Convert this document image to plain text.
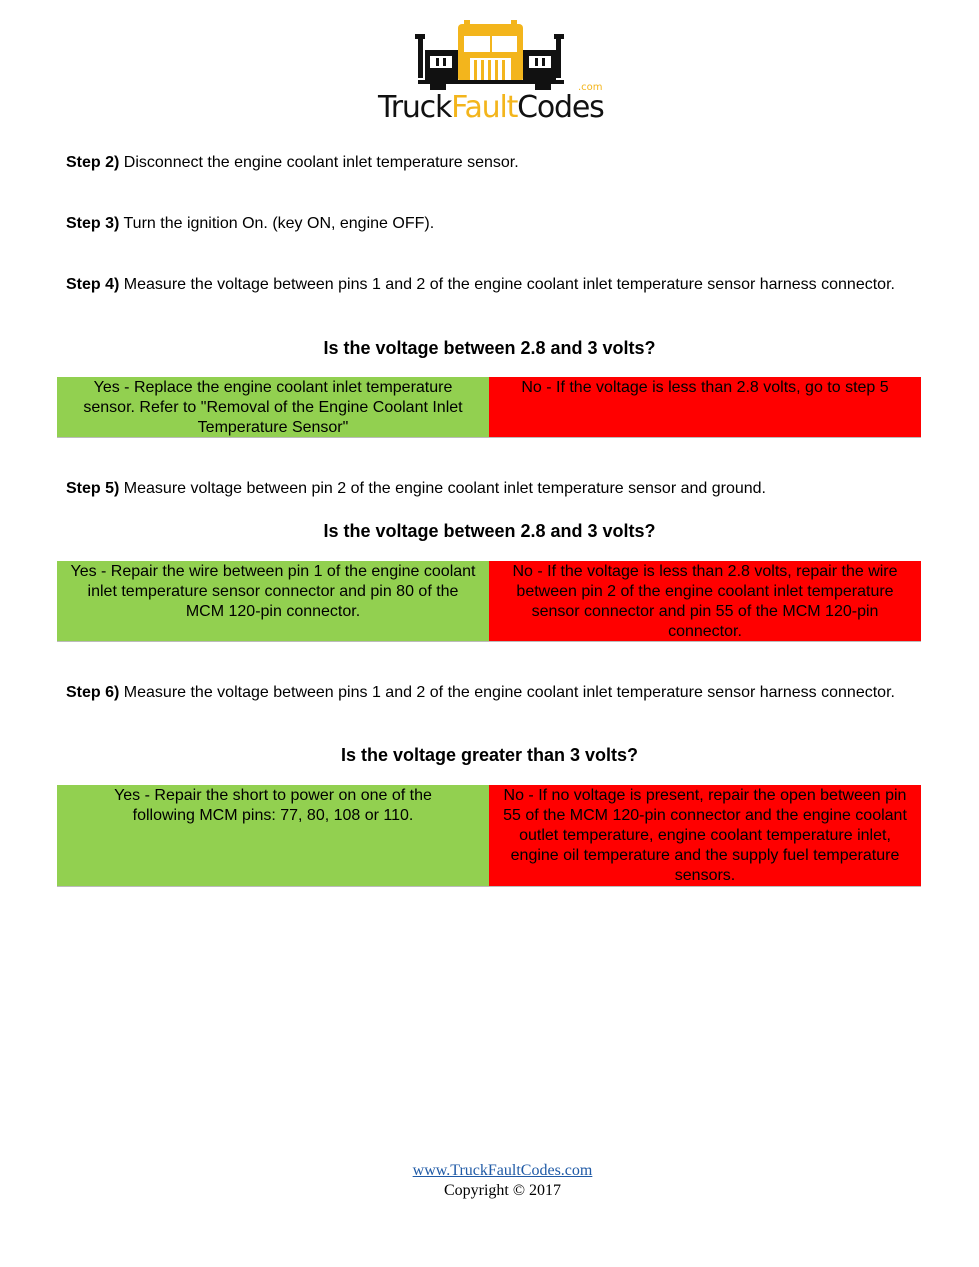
TruckFaultCodes
.com
Step 2) Disconnect the engine coolant inlet temperature sensor.
Step 3) Turn the ignition On. (key ON, engine OFF).
Step 4) Measure the voltage between pins 1 and 2 of the engine coolant inlet temperature sensor harness connector.
Is the voltage between 2.8 and 3 volts?
Yes - Replace the engine coolant inlet temperature sensor. Refer to "Removal of the Engine Coolant Inlet Temperature Sensor"
No - If the voltage is less than 2.8 volts, go to step 5
Step 5) Measure voltage between pin 2 of the engine coolant inlet temperature sensor and ground.
Is the voltage between 2.8 and 3 volts?
Yes - Repair the wire between pin 1 of the engine coolant inlet temperature sensor connector and pin 80 of the MCM 120-pin connector.
No - If the voltage is less than 2.8 volts, repair the wire between pin 2 of the engine coolant inlet temperature sensor connector and pin 55 of the MCM 120-pin connector.
Step 6) Measure the voltage between pins 1 and 2 of the engine coolant inlet temperature sensor harness connector.
Is the voltage greater than 3 volts?
Yes - Repair the short to power on one of the following MCM pins: 77, 80, 108 or 110.
No - If no voltage is present, repair the open between pin 55 of the MCM 120-pin connector and the engine coolant outlet temperature, engine coolant temperature inlet, engine oil temperature and the supply fuel temperature sensors.
www.TruckFaultCodes.com
Copyright © 2017
